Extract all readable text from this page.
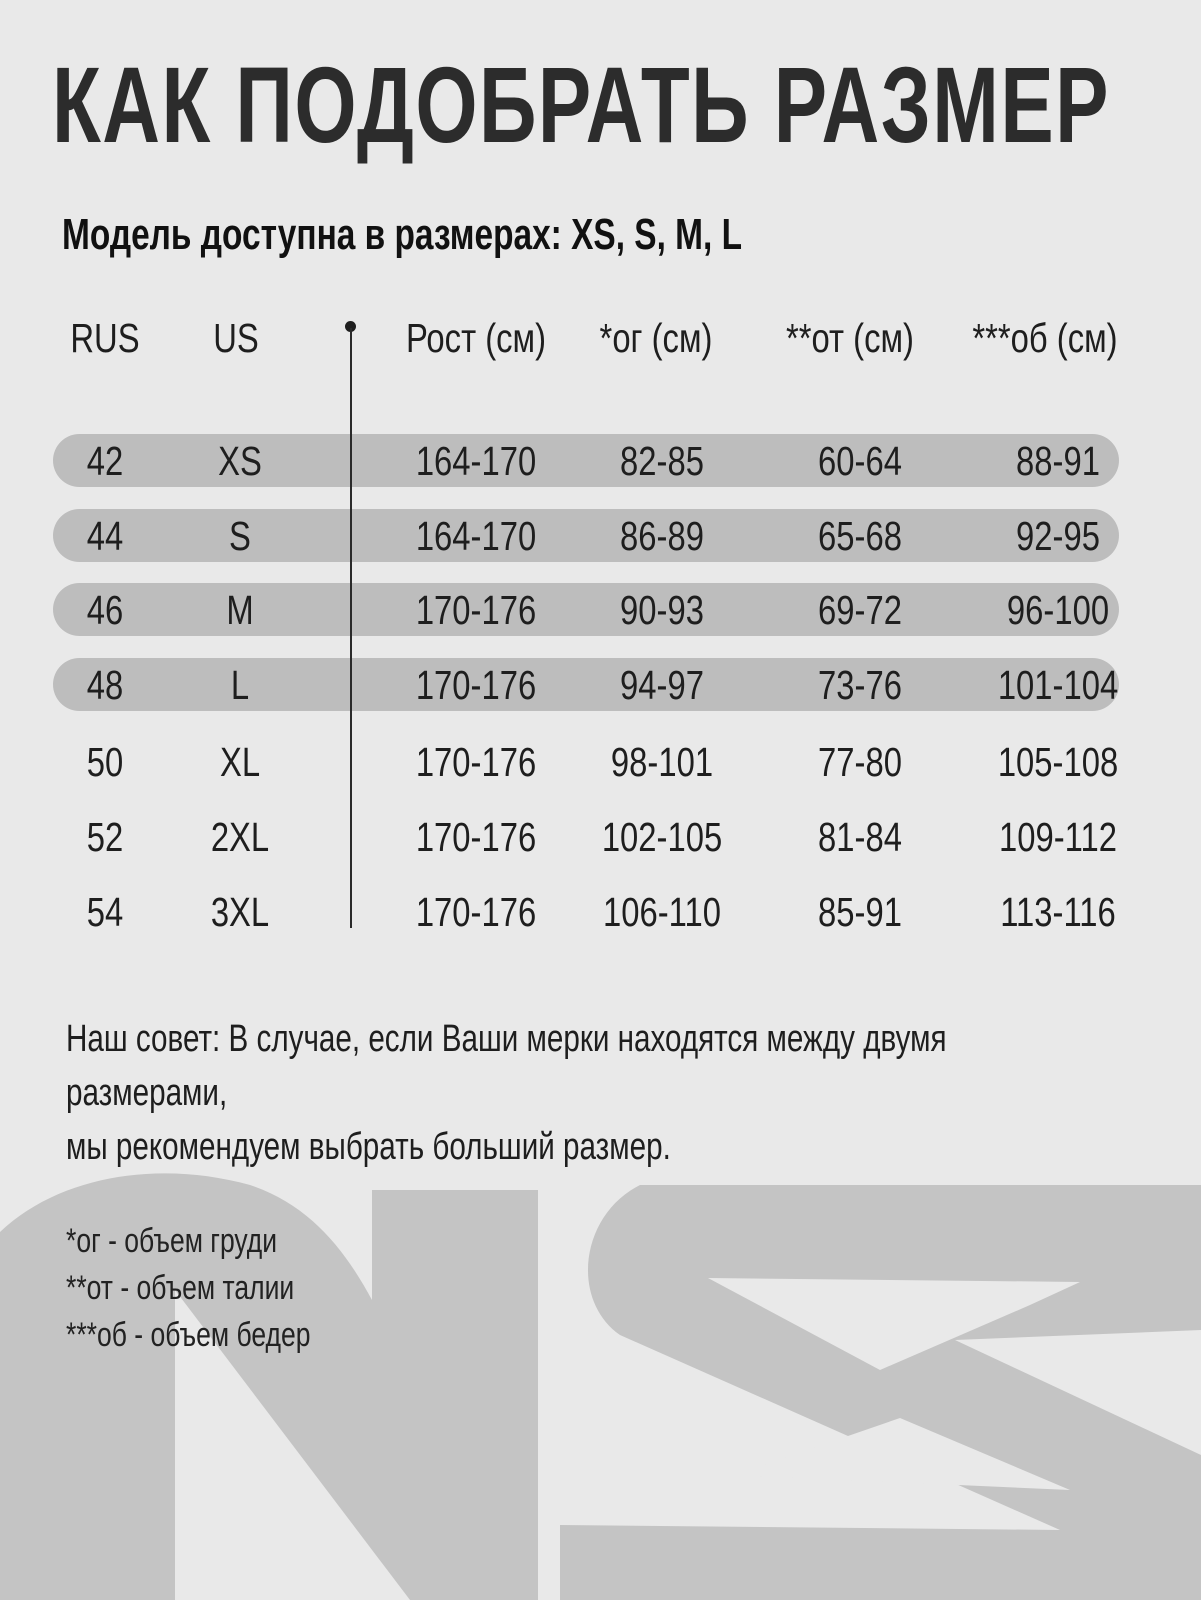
КАК ПОДОБРАТЬ РАЗМЕР
Модель доступна в размерах: XS, S, M, L
RUS	US	Рост (см)	*ог (см)	**от (см)	***об (см)
42	XS	164-170	82-85	60-64	88-91
44	S	164-170	86-89	65-68	92-95
46	M	170-176	90-93	69-72	96-100
48	L	170-176	94-97	73-76	101-104
50	XL	170-176	98-101	77-80	105-108
52	2XL	170-176	102-105	81-84	109-112
54	3XL	170-176	106-110	85-91	113-116
Наш совет: В случае, если Ваши мерки находятся между двумя размерами,
мы рекомендуем выбрать больший размер.
*ог - объем груди
**от - объем талии
***об - объем бедер
